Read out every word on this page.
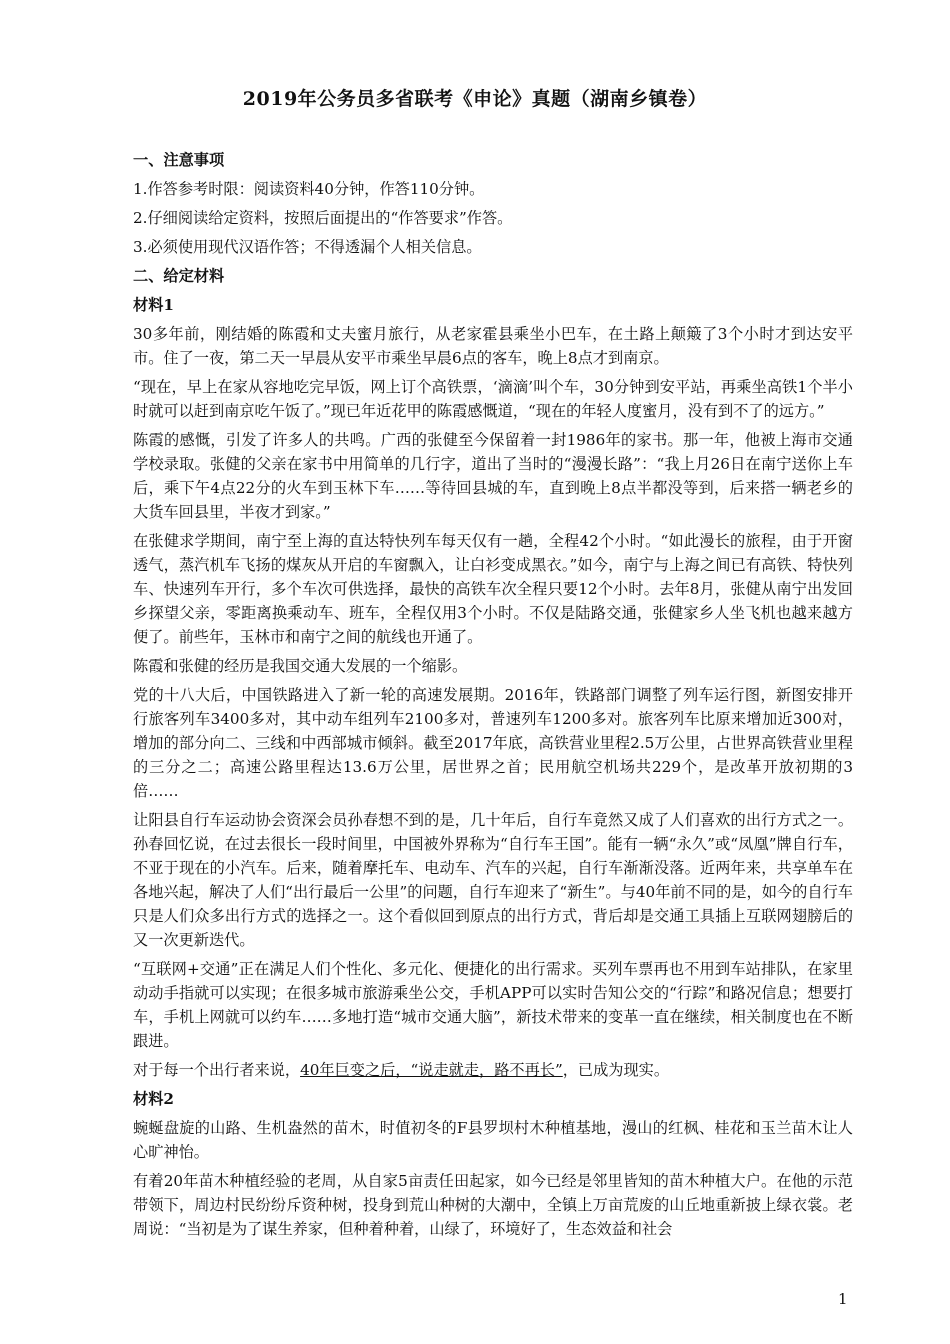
2019年公务员多省联考《申论》真题（湖南乡镇卷）
一、注意事项
1.作答参考时限：阅读资料40分钟，作答110分钟。
2.仔细阅读给定资料，按照后面提出的“作答要求”作答。
3.必须使用现代汉语作答；不得透漏个人相关信息。
二、给定材料
材料1

30多年前，刚结婚的陈霞和丈夫蜜月旅行，从老家霍县乘坐小巴车，在土路上颠簸了3个小时才到达安平市。住了一夜，第二天一早晨从安平市乘坐早晨6点的客车，晚上8点才到南京。

“现在，早上在家从容地吃完早饭，网上订个高铁票，‘滴滴’叫个车，30分钟到安平站，再乘坐高铁1个半小时就可以赶到南京吃午饭了。”现已年近花甲的陈霞感慨道，“现在的年轻人度蜜月，没有到不了的远方。”

陈霞的感慨，引发了许多人的共鸣。广西的张健至今保留着一封1986年的家书。那一年，他被上海市交通学校录取。张健的父亲在家书中用简单的几行字，道出了当时的“漫漫长路”：“我上月26日在南宁送你上车后，乘下午4点22分的火车到玉林下车……等待回县城的车，直到晚上8点半都没等到，后来搭一辆老乡的大货车回县里，半夜才到家。”

在张健求学期间，南宁至上海的直达特快列车每天仅有一趟，全程42个小时。“如此漫长的旅程，由于开窗透气，蒸汽机车飞扬的煤灰从开启的车窗飘入，让白衫变成黑衣。”如今，南宁与上海之间已有高铁、特快列车、快速列车开行，多个车次可供选择，最快的高铁车次全程只要12个小时。去年8月，张健从南宁出发回乡探望父亲，零距离换乘动车、班车，全程仅用3个小时。不仅是陆路交通，张健家乡人坐飞机也越来越方便了。前些年，玉林市和南宁之间的航线也开通了。

陈霞和张健的经历是我国交通大发展的一个缩影。

党的十八大后，中国铁路进入了新一轮的高速发展期。2016年，铁路部门调整了列车运行图，新图安排开行旅客列车3400多对，其中动车组列车2100多对，普速列车1200多对。旅客列车比原来增加近300对，增加的部分向二、三线和中西部城市倾斜。截至2017年底，高铁营业里程2.5万公里，占世界高铁营业里程的三分之二；高速公路里程达13.6万公里，居世界之首；民用航空机场共229个，是改革开放初期的3倍……

让阳县自行车运动协会资深会员孙春想不到的是，几十年后，自行车竟然又成了人们喜欢的出行方式之一。孙春回忆说，在过去很长一段时间里，中国被外界称为“自行车王国”。能有一辆“永久”或“凤凰”牌自行车，不亚于现在的小汽车。后来，随着摩托车、电动车、汽车的兴起，自行车渐渐没落。近两年来，共享单车在各地兴起，解决了人们“出行最后一公里”的问题，自行车迎来了“新生”。与40年前不同的是，如今的自行车只是人们众多出行方式的选择之一。这个看似回到原点的出行方式，背后却是交通工具插上互联网翅膀后的又一次更新迭代。

“互联网+交通”正在满足人们个性化、多元化、便捷化的出行需求。买列车票再也不用到车站排队，在家里动动手指就可以实现；在很多城市旅游乘坐公交，手机APP可以实时告知公交的“行踪”和路况信息；想要打车，手机上网就可以约车……多地打造“城市交通大脑”，新技术带来的变革一直在继续，相关制度也在不断跟进。

对于每一个出行者来说，40年巨变之后，“说走就走，路不再长”，已成为现实。

材料2

蜿蜒盘旋的山路、生机盎然的苗木，时值初冬的F县罗坝村木种植基地，漫山的红枫、桂花和玉兰苗木让人心旷神怡。

有着20年苗木种植经验的老周，从自家5亩责任田起家，如今已经是邻里皆知的苗木种植大户。在他的示范带领下，周边村民纷纷斥资种树，投身到荒山种树的大潮中，全镇上万亩荒废的山丘地重新披上绿衣裳。老周说：“当初是为了谋生养家，但种着种着，山绿了，环境好了，生态效益和社会

1
